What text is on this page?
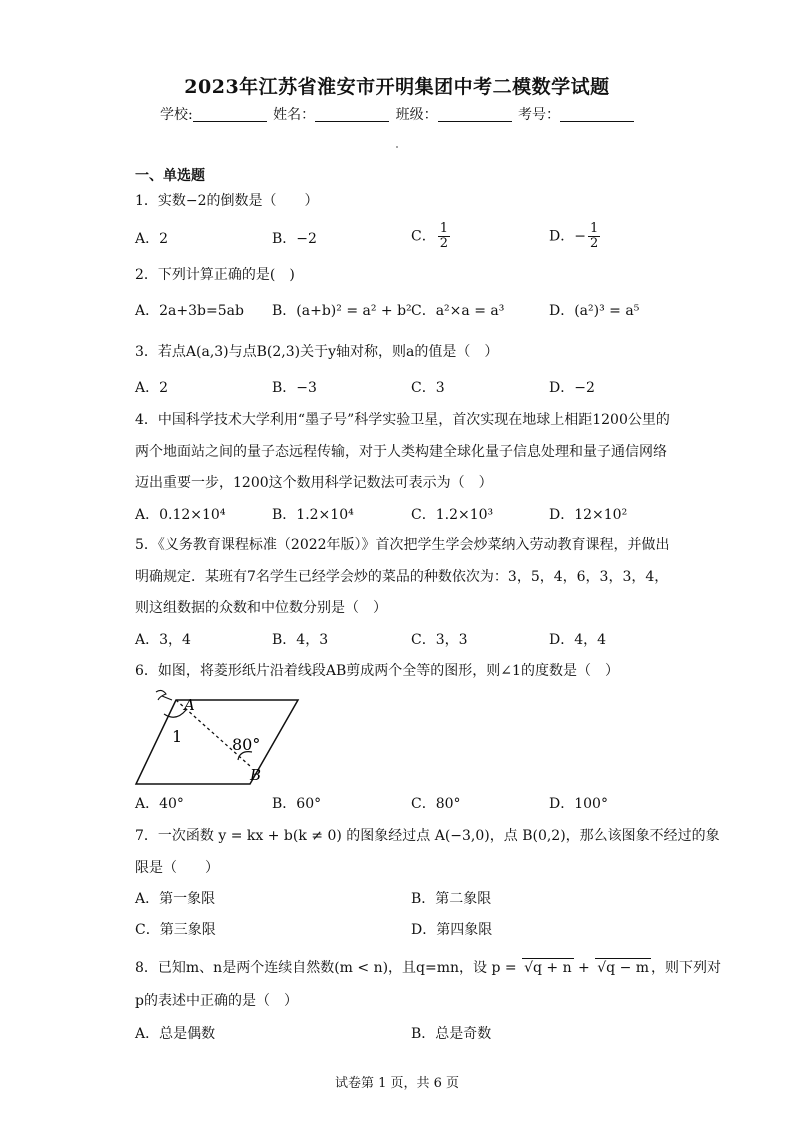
2023年江苏省淮安市开明集团中考二模数学试题
学校:	姓名：	班级：	考号：
一、单选题
1．实数−2的倒数是（　　）
A．2	B．−2	C． $\frac{1}{2}$	D．− $\frac{1}{2}$
2．下列计算正确的是(　)
A．2a+3b=5ab B．(a+b)² = a² + b² C．a²×a = a³	D．(a²)³ = a⁵
3．若点A(a,3)与点B(2,3)关于y轴对称，则a的值是（　）
A．2	B．−3	C．3	D．−2
4．中国科学技术大学利用“墨子号”科学实验卫星，首次实现在地球上相距1200公里的
两个地面站之间的量子态远程传输，对于人类构建全球化量子信息处理和量子通信网络
迈出重要一步，1200这个数用科学记数法可表示为（　）
A．0.12×10⁴	B．1.2×10⁴	C．1.2×10³	D．12×10²
5．《义务教育课程标准（2022年版）》首次把学生学会炒菜纳入劳动教育课程，并做出
明确规定．某班有7名学生已经学会炒的菜品的种数依次为：3，5，4，6，3，3，4，
则这组数据的众数和中位数分别是（　）
A．3，4	B．4，3	C．3，3	D．4，4
6．如图，将菱形纸片沿着线段AB剪成两个全等的图形，则∠1的度数是（　）
A
1	80°
B
A．40°	B．60°	C．80°	D．100°
7．一次函数 y = kx + b(k ≠ 0) 的图象经过点 A(−3,0)，点 B(0,2)，那么该图象不经过的象
限是（　　）
A．第一象限	B．第二象限
C．第三象限	D．第四象限
8．已知m、n是两个连续自然数(m < n)，且q=mn，设 p = √q + n + √q − m ，则下列对
p的表述中正确的是（　）
A．总是偶数	B．总是奇数
试卷第 1 页，共 6 页
